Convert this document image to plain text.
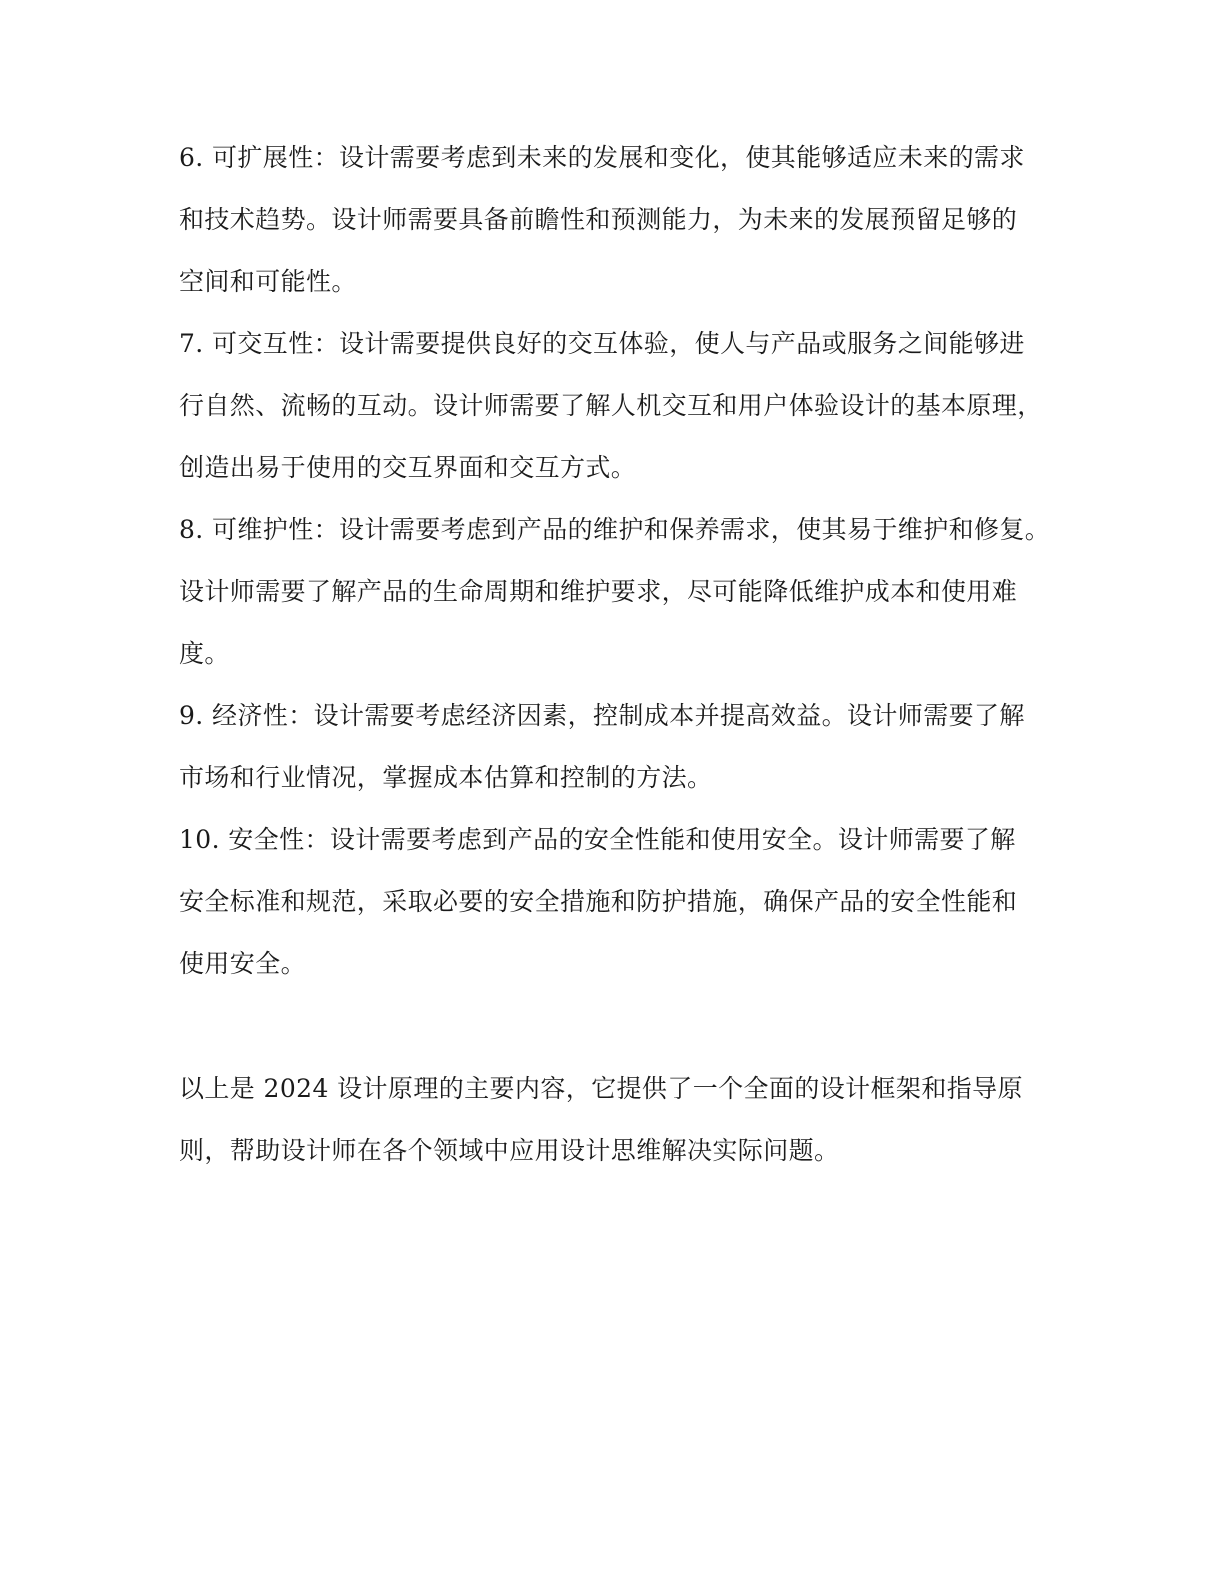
6. 可扩展性：设计需要考虑到未来的发展和变化，使其能够适应未来的需求
和技术趋势。设计师需要具备前瞻性和预测能力，为未来的发展预留足够的
空间和可能性。
7. 可交互性：设计需要提供良好的交互体验，使人与产品或服务之间能够进
行自然、流畅的互动。设计师需要了解人机交互和用户体验设计的基本原理，
创造出易于使用的交互界面和交互方式。
8. 可维护性：设计需要考虑到产品的维护和保养需求，使其易于维护和修复。
设计师需要了解产品的生命周期和维护要求，尽可能降低维护成本和使用难
度。
9. 经济性：设计需要考虑经济因素，控制成本并提高效益。设计师需要了解
市场和行业情况，掌握成本估算和控制的方法。
10. 安全性：设计需要考虑到产品的安全性能和使用安全。设计师需要了解
安全标准和规范，采取必要的安全措施和防护措施，确保产品的安全性能和
使用安全。
以上是 2024 设计原理的主要内容，它提供了一个全面的设计框架和指导原
则，帮助设计师在各个领域中应用设计思维解决实际问题。
